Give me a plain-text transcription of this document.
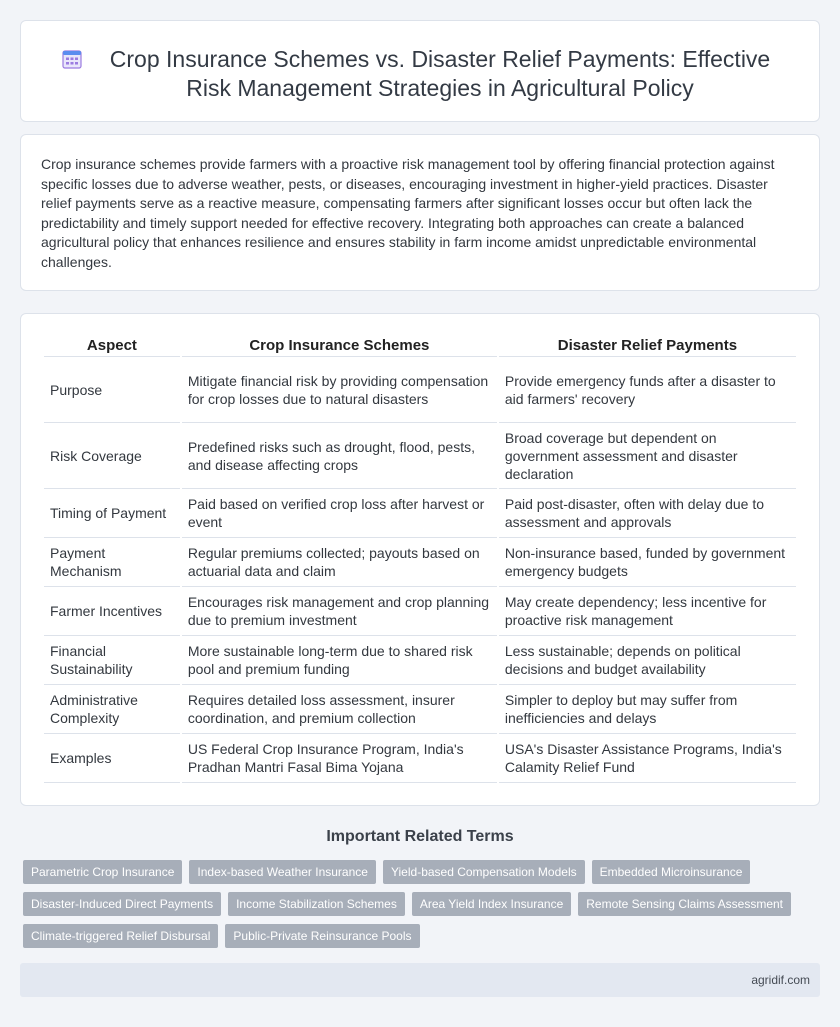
Crop Insurance Schemes vs. Disaster Relief Payments: Effective Risk Management Strategies in Agricultural Policy

Crop insurance schemes provide farmers with a proactive risk management tool by offering financial protection against specific losses due to adverse weather, pests, or diseases, encouraging investment in higher-yield practices. Disaster relief payments serve as a reactive measure, compensating farmers after significant losses occur but often lack the predictability and timely support needed for effective recovery. Integrating both approaches can create a balanced agricultural policy that enhances resilience and ensures stability in farm income amidst unpredictable environmental challenges.

Aspect	Crop Insurance Schemes	Disaster Relief Payments
Purpose	Mitigate financial risk by providing compensation for crop losses due to natural disasters	Provide emergency funds after a disaster to aid farmers' recovery
Risk Coverage	Predefined risks such as drought, flood, pests, and disease affecting crops	Broad coverage but dependent on government assessment and disaster declaration
Timing of Payment	Paid based on verified crop loss after harvest or event	Paid post-disaster, often with delay due to assessment and approvals
Payment Mechanism	Regular premiums collected; payouts based on actuarial data and claim	Non-insurance based, funded by government emergency budgets
Farmer Incentives	Encourages risk management and crop planning due to premium investment	May create dependency; less incentive for proactive risk management
Financial Sustainability	More sustainable long-term due to shared risk pool and premium funding	Less sustainable; depends on political decisions and budget availability
Administrative Complexity	Requires detailed loss assessment, insurer coordination, and premium collection	Simpler to deploy but may suffer from inefficiencies and delays
Examples	US Federal Crop Insurance Program, India's Pradhan Mantri Fasal Bima Yojana	USA's Disaster Assistance Programs, India's Calamity Relief Fund
Important Related Terms
Parametric Crop Insurance	Index-based Weather Insurance	Yield-based Compensation Models	Embedded Microinsurance
Disaster-Induced Direct Payments	Income Stabilization Schemes	Area Yield Index Insurance	Remote Sensing Claims Assessment
Climate-triggered Relief Disbursal	Public-Private Reinsurance Pools
agridif.com
